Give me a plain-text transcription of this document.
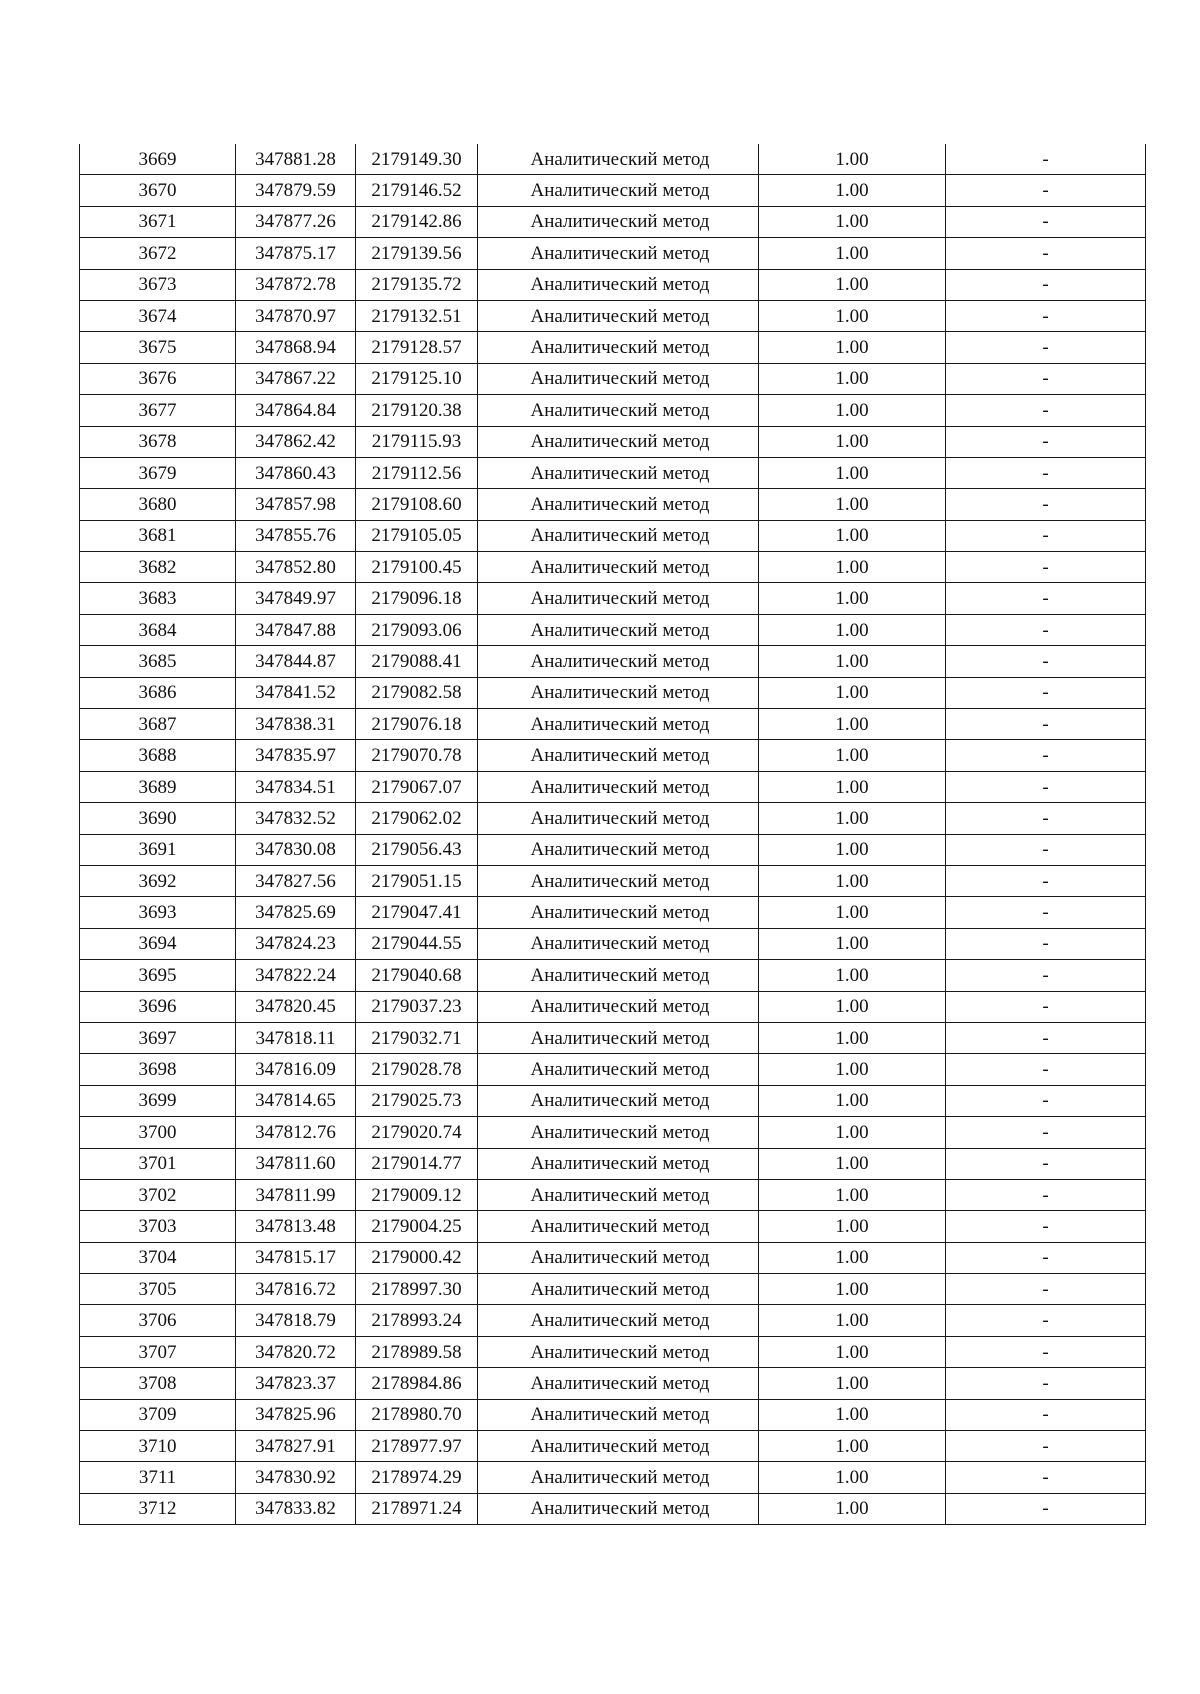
3669	347881.28	2179149.30	Аналитический метод	1.00	-
3670	347879.59	2179146.52	Аналитический метод	1.00	-
3671	347877.26	2179142.86	Аналитический метод	1.00	-
3672	347875.17	2179139.56	Аналитический метод	1.00	-
3673	347872.78	2179135.72	Аналитический метод	1.00	-
3674	347870.97	2179132.51	Аналитический метод	1.00	-
3675	347868.94	2179128.57	Аналитический метод	1.00	-
3676	347867.22	2179125.10	Аналитический метод	1.00	-
3677	347864.84	2179120.38	Аналитический метод	1.00	-
3678	347862.42	2179115.93	Аналитический метод	1.00	-
3679	347860.43	2179112.56	Аналитический метод	1.00	-
3680	347857.98	2179108.60	Аналитический метод	1.00	-
3681	347855.76	2179105.05	Аналитический метод	1.00	-
3682	347852.80	2179100.45	Аналитический метод	1.00	-
3683	347849.97	2179096.18	Аналитический метод	1.00	-
3684	347847.88	2179093.06	Аналитический метод	1.00	-
3685	347844.87	2179088.41	Аналитический метод	1.00	-
3686	347841.52	2179082.58	Аналитический метод	1.00	-
3687	347838.31	2179076.18	Аналитический метод	1.00	-
3688	347835.97	2179070.78	Аналитический метод	1.00	-
3689	347834.51	2179067.07	Аналитический метод	1.00	-
3690	347832.52	2179062.02	Аналитический метод	1.00	-
3691	347830.08	2179056.43	Аналитический метод	1.00	-
3692	347827.56	2179051.15	Аналитический метод	1.00	-
3693	347825.69	2179047.41	Аналитический метод	1.00	-
3694	347824.23	2179044.55	Аналитический метод	1.00	-
3695	347822.24	2179040.68	Аналитический метод	1.00	-
3696	347820.45	2179037.23	Аналитический метод	1.00	-
3697	347818.11	2179032.71	Аналитический метод	1.00	-
3698	347816.09	2179028.78	Аналитический метод	1.00	-
3699	347814.65	2179025.73	Аналитический метод	1.00	-
3700	347812.76	2179020.74	Аналитический метод	1.00	-
3701	347811.60	2179014.77	Аналитический метод	1.00	-
3702	347811.99	2179009.12	Аналитический метод	1.00	-
3703	347813.48	2179004.25	Аналитический метод	1.00	-
3704	347815.17	2179000.42	Аналитический метод	1.00	-
3705	347816.72	2178997.30	Аналитический метод	1.00	-
3706	347818.79	2178993.24	Аналитический метод	1.00	-
3707	347820.72	2178989.58	Аналитический метод	1.00	-
3708	347823.37	2178984.86	Аналитический метод	1.00	-
3709	347825.96	2178980.70	Аналитический метод	1.00	-
3710	347827.91	2178977.97	Аналитический метод	1.00	-
3711	347830.92	2178974.29	Аналитический метод	1.00	-
3712	347833.82	2178971.24	Аналитический метод	1.00	-
